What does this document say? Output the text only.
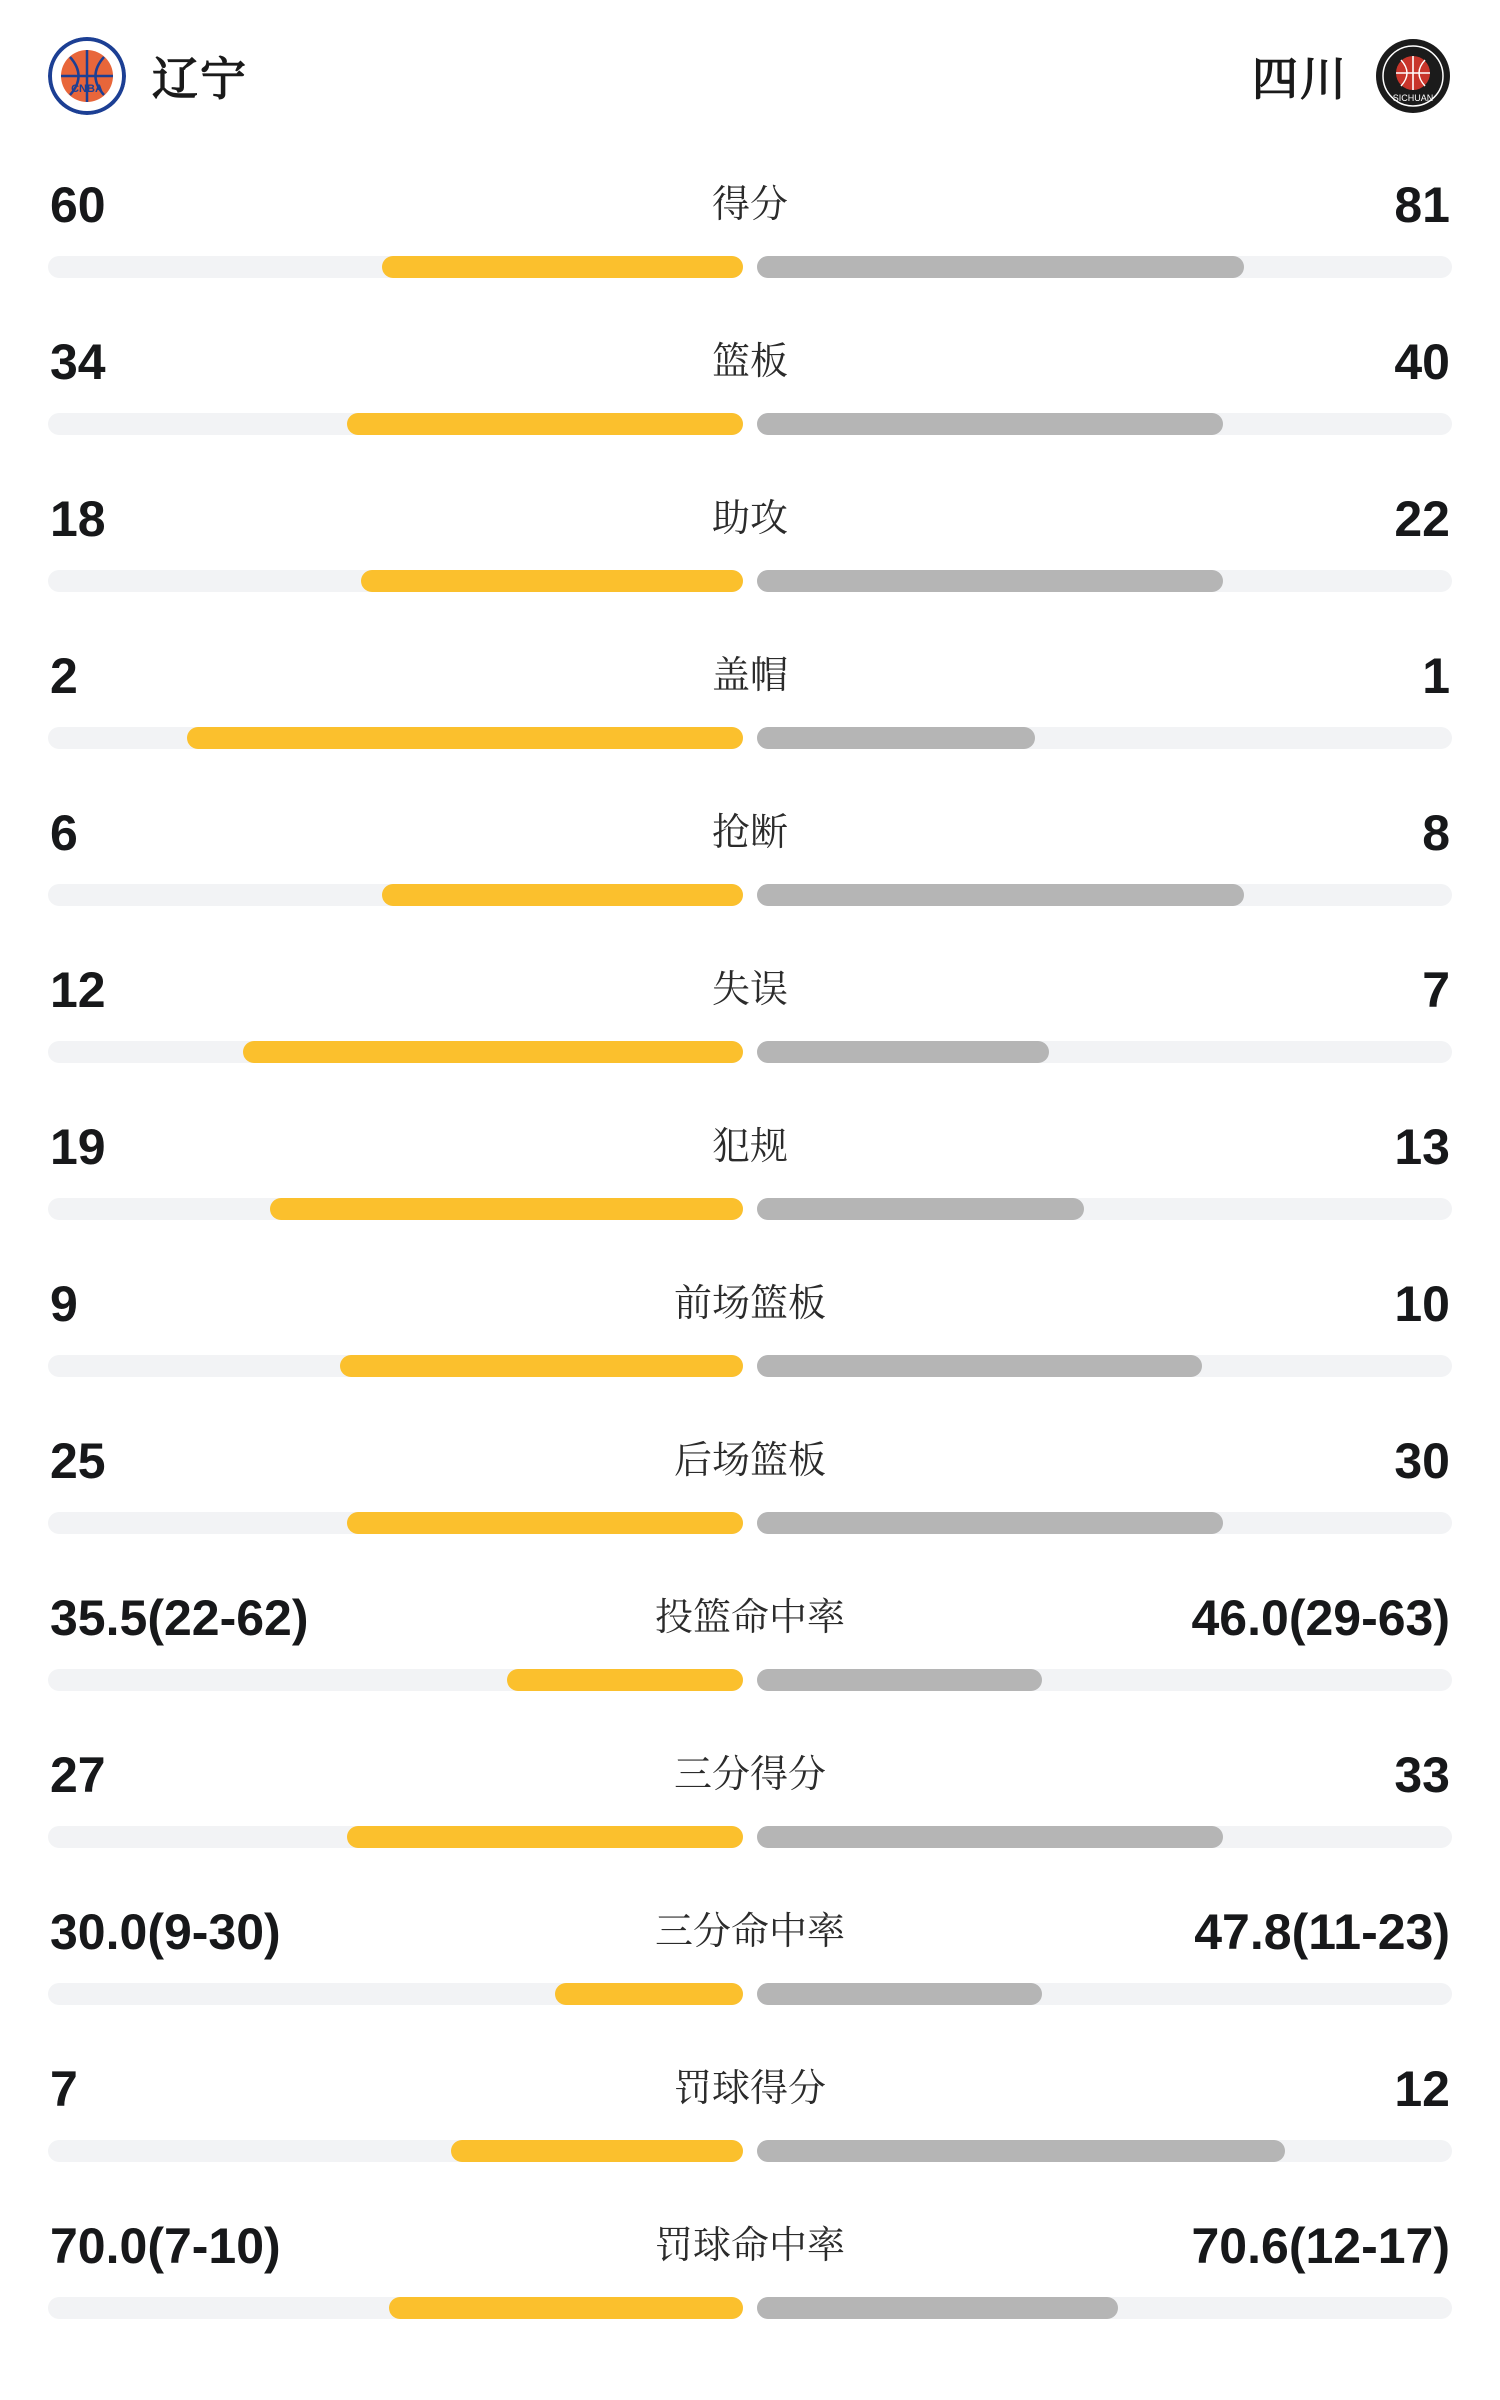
CNBA 辽宁	四川	SICHUAN
60	得分	81
34	篮板	40
18	助攻	22
2	盖帽	1
6	抢断	8
12	失误	7
19	犯规	13
9	前场篮板	10
25	后场篮板	30
35.5(22-62)	投篮命中率	46.0(29-63)
27	三分得分	33
30.0(9-30)	三分命中率	47.8(11-23)
7	罚球得分	12
70.0(7-10)	罚球命中率	70.6(12-17)
